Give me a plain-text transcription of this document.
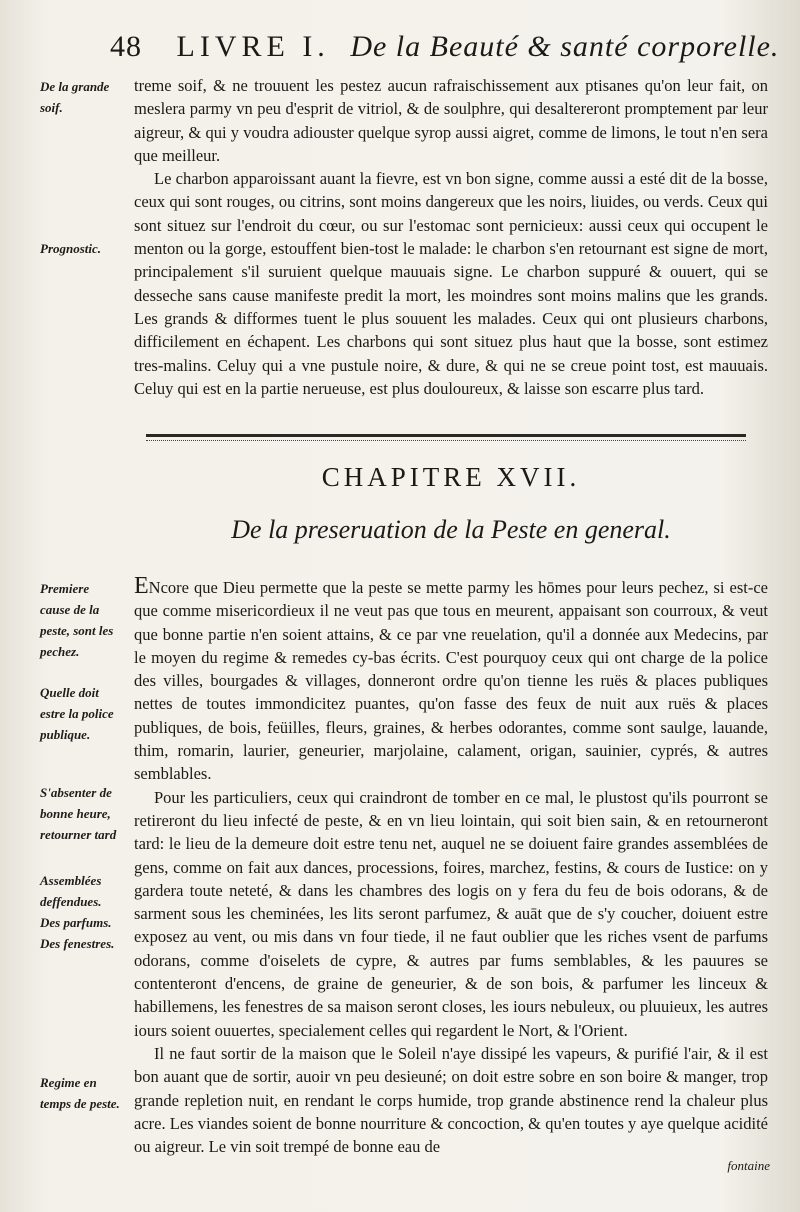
48 LIVRE I. De la Beauté & santé corporelle.
De la grande soif.
Prognostic.

treme soif, & ne trouuent les pestez aucun rafraischissement aux ptisanes qu'on leur fait, on meslera parmy vn peu d'esprit de vitriol, & de soulphre, qui desaltereront promptement par leur aigreur, & qui y voudra adiouster quelque syrop aussi aigret, comme de limons, le tout n'en sera que meilleur.

Le charbon apparoissant auant la fievre, est vn bon signe, comme aussi a esté dit de la bosse, ceux qui sont rouges, ou citrins, sont moins dangereux que les noirs, liuides, ou verds. Ceux qui sont situez sur l'endroit du cœur, ou sur l'estomac sont pernicieux: aussi ceux qui occupent le menton ou la gorge, estouffent bien-tost le malade: le charbon s'en retournant est signe de mort, principalement s'il suruient quelque mauuais signe. Le charbon suppuré & ouuert, qui se desseche sans cause manifeste predit la mort, les moindres sont moins malins que les grands. Les grands & difformes tuent le plus souuent les malades. Ceux qui ont plusieurs charbons, difficilement en échapent. Les charbons qui sont situez plus haut que la bosse, sont estimez tres-malins. Celuy qui a vne pustule noire, & dure, & qui ne se creue point tost, est mauuais. Celuy qui est en la partie nerueuse, est plus douloureux, & laisse son escarre plus tard.

CHAPITRE XVII.
De la preseruation de la Peste en general.
Premiere cause de la peste, sont les pechez.
Quelle doit estre la police publique.
S'absenter de bonne heure, retourner tard
Assemblées deffendues. Des parfums. Des fenestres.
Regime en temps de peste.

ENcore que Dieu permette que la peste se mette parmy les hōmes pour leurs pechez, si est-ce que comme misericordieux il ne veut pas que tous en meurent, appaisant son courroux, & veut que bonne partie n'en soient attains, & ce par vne reuelation, qu'il a donnée aux Medecins, par le moyen du regime & remedes cy-bas écrits. C'est pourquoy ceux qui ont charge de la police des villes, bourgades & villages, donneront ordre qu'on tienne les ruës & places publiques nettes de toutes immondicitez puantes, qu'on fasse des feux de nuit aux ruës & places publiques, de bois, feüilles, fleurs, graines, & herbes odorantes, comme sont saulge, lauande, thim, romarin, laurier, geneurier, marjolaine, calament, origan, sauinier, cyprés, & autres semblables.

Pour les particuliers, ceux qui craindront de tomber en ce mal, le plustost qu'ils pourront se retireront du lieu infecté de peste, & en vn lieu lointain, qui soit bien sain, & en retourneront tard: le lieu de la demeure doit estre tenu net, auquel ne se doiuent faire grandes assemblées de gens, comme on fait aux dances, processions, foires, marchez, festins, & cours de Iustice: on y gardera toute neteté, & dans les chambres des logis on y fera du feu de bois odorans, & de sarment sous les cheminées, les lits seront parfumez, & auāt que de s'y coucher, doiuent estre exposez au vent, ou mis dans vn four tiede, il ne faut oublier que les riches vsent de parfums odorans, comme d'oiselets de cypre, & autres par fums semblables, & les pauures se contenteront d'encens, de graine de geneurier, & de son bois, & parfumer les linceux & habillemens, les fenestres de sa maison seront closes, les iours nebuleux, ou pluuieux, les autres iours soient ouuertes, specialement celles qui regardent le Nort, & l'Orient.

Il ne faut sortir de la maison que le Soleil n'aye dissipé les vapeurs, & purifié l'air, & il est bon auant que de sortir, auoir vn peu desieuné; on doit estre sobre en son boire & manger, trop grande repletion nuit, en rendant le corps humide, trop grande abstinence rend la chaleur plus acre. Les viandes soient de bonne nourriture & concoction, & qu'en toutes y aye quelque acidité ou aigreur. Le vin soit trempé de bonne eau de

fontaine
